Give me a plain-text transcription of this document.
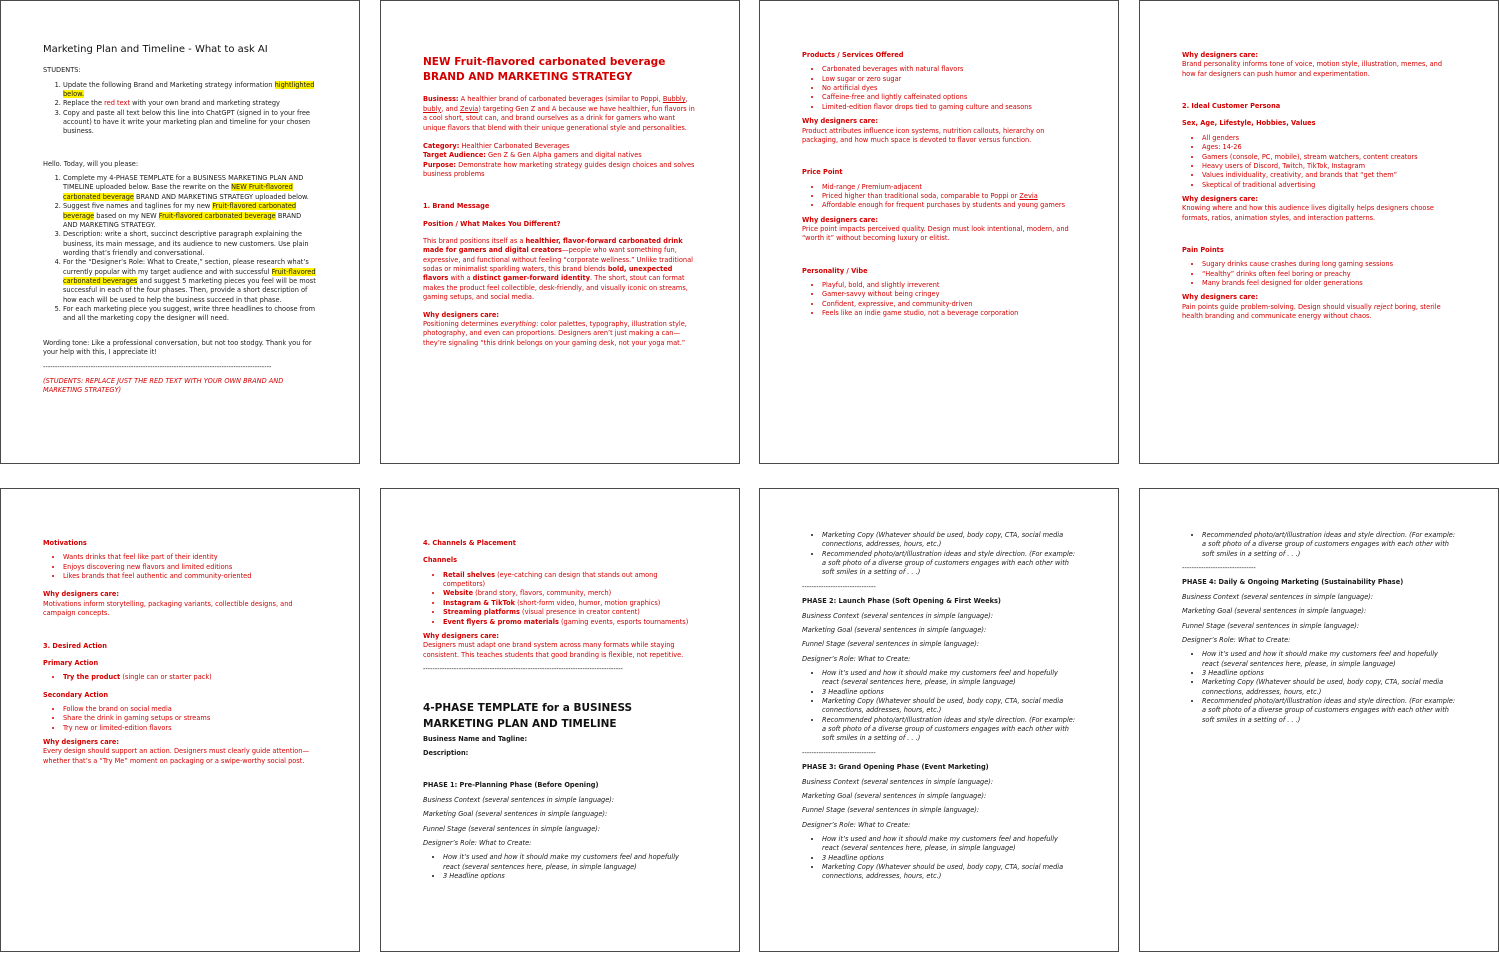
Marketing Plan and Timeline - What to ask AI

STUDENTS:

1. Update the following Brand and Marketing strategy information hightlighted below.
2. Replace the red text with your own brand and marketing strategy
3. Copy and paste all text below this line into ChatGPT (signed in to your free account) to have it write your marketing plan and timeline for your chosen business.

Hello. Today, will you please:

1. Complete my 4-PHASE TEMPLATE for a BUSINESS MARKETING PLAN AND TIMELINE uploaded below. Base the rewrite on the NEW Fruit-flavored carbonated beverage BRAND AND MARKETING STRATEGY uploaded below.
2. Suggest five names and taglines for my new Fruit-flavored carbonated beverage based on my NEW Fruit-flavored carbonated beverage BRAND AND MARKETING STRATEGY.
3. Description: write a short, succinct descriptive paragraph explaining the business, its main message, and its audience to new customers. Use plain wording that’s friendly and conversational.
4. For the “Designer’s Role: What to Create,” section, please research what’s currently popular with my target audience and with successful Fruit-flavored carbonated beverages and suggest 5 marketing pieces you feel will be most successful in each of the four phases. Then, provide a short description of how each will be used to help the business succeed in that phase.
5. For each marketing piece you suggest, write three headlines to choose from and all the marketing copy the designer will need.

Wording tone: Like a professional conversation, but not too stodgy. Thank you for your help with this, I appreciate it!

------------------------------------------------------------------------------------------------

(STUDENTS: REPLACE JUST THE RED TEXT WITH YOUR OWN BRAND AND MARKETING STRATEGY)

NEW Fruit-flavored carbonated beverage BRAND AND MARKETING STRATEGY

Business: A healthier brand of carbonated beverages (similar to Poppi, Bubbly, bubly, and Zevia) targeting Gen Z and A because we have healthier, fun flavors in a cool short, stout can, and brand ourselves as a drink for gamers who want unique flavors that blend with their unique generational style and personalities.

Category: Healthier Carbonated Beverages
Target Audience: Gen Z & Gen Alpha gamers and digital natives

Purpose: Demonstrate how marketing strategy guides design choices and solves business problems

1. Brand Message

Position / What Makes You Different?

This brand positions itself as a healthier, flavor-forward carbonated drink made for gamers and digital creators—people who want something fun, expressive, and functional without feeling “corporate wellness.” Unlike traditional sodas or minimalist sparkling waters, this brand blends bold, unexpected flavors with a distinct gamer-forward identity. The short, stout can format makes the product feel collectible, desk-friendly, and visually iconic on streams, gaming setups, and social media.

Why designers care:

Positioning determines everything: color palettes, typography, illustration style, photography, and even can proportions. Designers aren’t just making a can—they’re signaling “this drink belongs on your gaming desk, not your yoga mat.”

Products / Services Offered

• Carbonated beverages with natural flavors
• Low sugar or zero sugar
• No artificial dyes
• Caffeine-free and lightly caffeinated options
• Limited-edition flavor drops tied to gaming culture and seasons
Why designers care:

Product attributes influence icon systems, nutrition callouts, hierarchy on packaging, and how much space is devoted to flavor versus function.

Price Point

• Mid-range / Premium-adjacent
• Priced higher than traditional soda, comparable to Poppi or Zevia
• Affordable enough for frequent purchases by students and young gamers
Why designers care:

Price point impacts perceived quality. Design must look intentional, modern, and “worth it” without becoming luxury or elitist.

Personality / Vibe

• Playful, bold, and slightly irreverent
• Gamer-savvy without being cringey
• Confident, expressive, and community-driven
• Feels like an indie game studio, not a beverage corporation
Why designers care:

Brand personality informs tone of voice, motion style, illustration, memes, and how far designers can push humor and experimentation.

2. Ideal Customer Persona

Sex, Age, Lifestyle, Hobbies, Values

• All genders
• Ages: 14-26
• Gamers (console, PC, mobile), stream watchers, content creators
• Heavy users of Discord, Twitch, TikTok, Instagram
• Values individuality, creativity, and brands that “get them”
• Skeptical of traditional advertising
Why designers care:

Knowing where and how this audience lives digitally helps designers choose formats, ratios, animation styles, and interaction patterns.

Pain Points

• Sugary drinks cause crashes during long gaming sessions
• “Healthy” drinks often feel boring or preachy
• Many brands feel designed for older generations
Why designers care:

Pain points guide problem-solving. Design should visually reject boring, sterile health branding and communicate energy without chaos.

Motivations

• Wants drinks that feel like part of their identity
• Enjoys discovering new flavors and limited editions
• Likes brands that feel authentic and community-oriented
Why designers care:

Motivations inform storytelling, packaging variants, collectible designs, and campaign concepts.

3. Desired Action

Primary Action

• Try the product (single can or starter pack)

Secondary Action

• Follow the brand on social media
• Share the drink in gaming setups or streams
• Try new or limited-edition flavors
Why designers care:

Every design should support an action. Designers must clearly guide attention—whether that’s a “Try Me” moment on packaging or a swipe-worthy social post.

4. Channels & Placement

Channels

• Retail shelves (eye-catching can design that stands out among competitors)
• Website (brand story, flavors, community, merch)
• Instagram & TikTok (short-form video, humor, motion graphics)
• Streaming platforms (visual presence in creator content)
• Event flyers & promo materials (gaming events, esports tournaments)
Why designers care:

Designers must adapt one brand system across many formats while staying consistent. This teaches students that good branding is flexible, not repetitive.

------------------------------------------------------------------------------------

4-PHASE TEMPLATE for a BUSINESS MARKETING PLAN AND TIMELINE

Business Name and Tagline:

Description:

PHASE 1: Pre-Planning Phase (Before Opening)

Business Context (several sentences in simple language):

Marketing Goal (several sentences in simple language):

Funnel Stage (several sentences in simple language):

Designer’s Role: What to Create:

• How it’s used and how it should make my customers feel and hopefully react (several sentences here, please, in simple language)
• 3 Headline options
• Marketing Copy (Whatever should be used, body copy, CTA, social media connections, addresses, hours, etc.)
• Recommended photo/art/illustration ideas and style direction. (For example: a soft photo of a diverse group of customers engages with each other with soft smiles in a setting of . . .)

-------------------------------

PHASE 2: Launch Phase (Soft Opening & First Weeks)

Business Context (several sentences in simple language):

Marketing Goal (several sentences in simple language):

Funnel Stage (several sentences in simple language):

Designer’s Role: What to Create:

• How it’s used and how it should make my customers feel and hopefully react (several sentences here, please, in simple language)
• 3 Headline options
• Marketing Copy (Whatever should be used, body copy, CTA, social media connections, addresses, hours, etc.)
• Recommended photo/art/illustration ideas and style direction. (For example: a soft photo of a diverse group of customers engages with each other with soft smiles in a setting of . . .)

-------------------------------

PHASE 3: Grand Opening Phase (Event Marketing)

Business Context (several sentences in simple language):

Marketing Goal (several sentences in simple language):

Funnel Stage (several sentences in simple language):

Designer’s Role: What to Create:

• How it’s used and how it should make my customers feel and hopefully react (several sentences here, please, in simple language)
• 3 Headline options
• Marketing Copy (Whatever should be used, body copy, CTA, social media connections, addresses, hours, etc.)
• Recommended photo/art/illustration ideas and style direction. (For example: a soft photo of a diverse group of customers engages with each other with soft smiles in a setting of . . .)

-------------------------------

PHASE 4: Daily & Ongoing Marketing (Sustainability Phase)

Business Context (several sentences in simple language):

Marketing Goal (several sentences in simple language):

Funnel Stage (several sentences in simple language):

Designer’s Role: What to Create:

• How it’s used and how it should make my customers feel and hopefully react (several sentences here, please, in simple language)
• 3 Headline options
• Marketing Copy (Whatever should be used, body copy, CTA, social media connections, addresses, hours, etc.)
• Recommended photo/art/illustration ideas and style direction. (For example: a soft photo of a diverse group of customers engages with each other with soft smiles in a setting of . . .)
